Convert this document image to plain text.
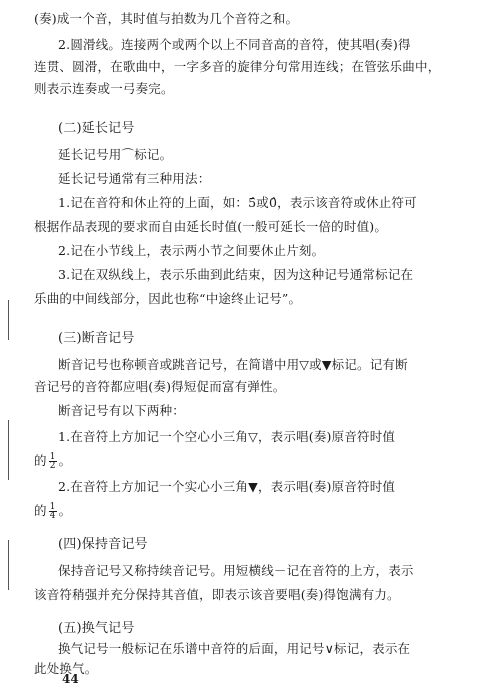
(奏)成一个音，其时值与拍数为几个音符之和。
2.圆滑线。连接两个或两个以上不同音高的音符，使其唱(奏)得
连贯、圆滑，在歌曲中，一字多音的旋律分句常用连线；在管弦乐曲中，
则表示连奏或一弓奏完。
(二)延长记号
延长记号用⌒标记。
延长记号通常有三种用法：
1.记在音符和休止符的上面，如：5̂或0̂，表示该音符或休止符可
根据作品表现的要求而自由延长时值(一般可延长一倍的时值)。
2.记在小节线上，表示两小节之间要休止片刻。
3.记在双纵线上，表示乐曲到此结束，因为这种记号通常标记在
乐曲的中间线部分，因此也称“中途终止记号”。
(三)断音记号
断音记号也称顿音或跳音记号，在简谱中用▽或▼标记。记有断
音记号的音符都应唱(奏)得短促而富有弹性。
断音记号有以下两种：
1.在音符上方加记一个空心小三角▽，表示唱(奏)原音符时值
的 $\frac{1}{2}$ 。
2.在音符上方加记一个实心小三角▼，表示唱(奏)原音符时值
的 $\frac{1}{4}$ 。
(四)保持音记号
保持音记号又称持续音记号。用短横线－记在音符的上方，表示
该音符稍强并充分保持其音值，即表示该音要唱(奏)得饱满有力。
(五)换气记号
换气记号一般标记在乐谱中音符的后面，用记号∨标记，表示在
此处换气。
44
